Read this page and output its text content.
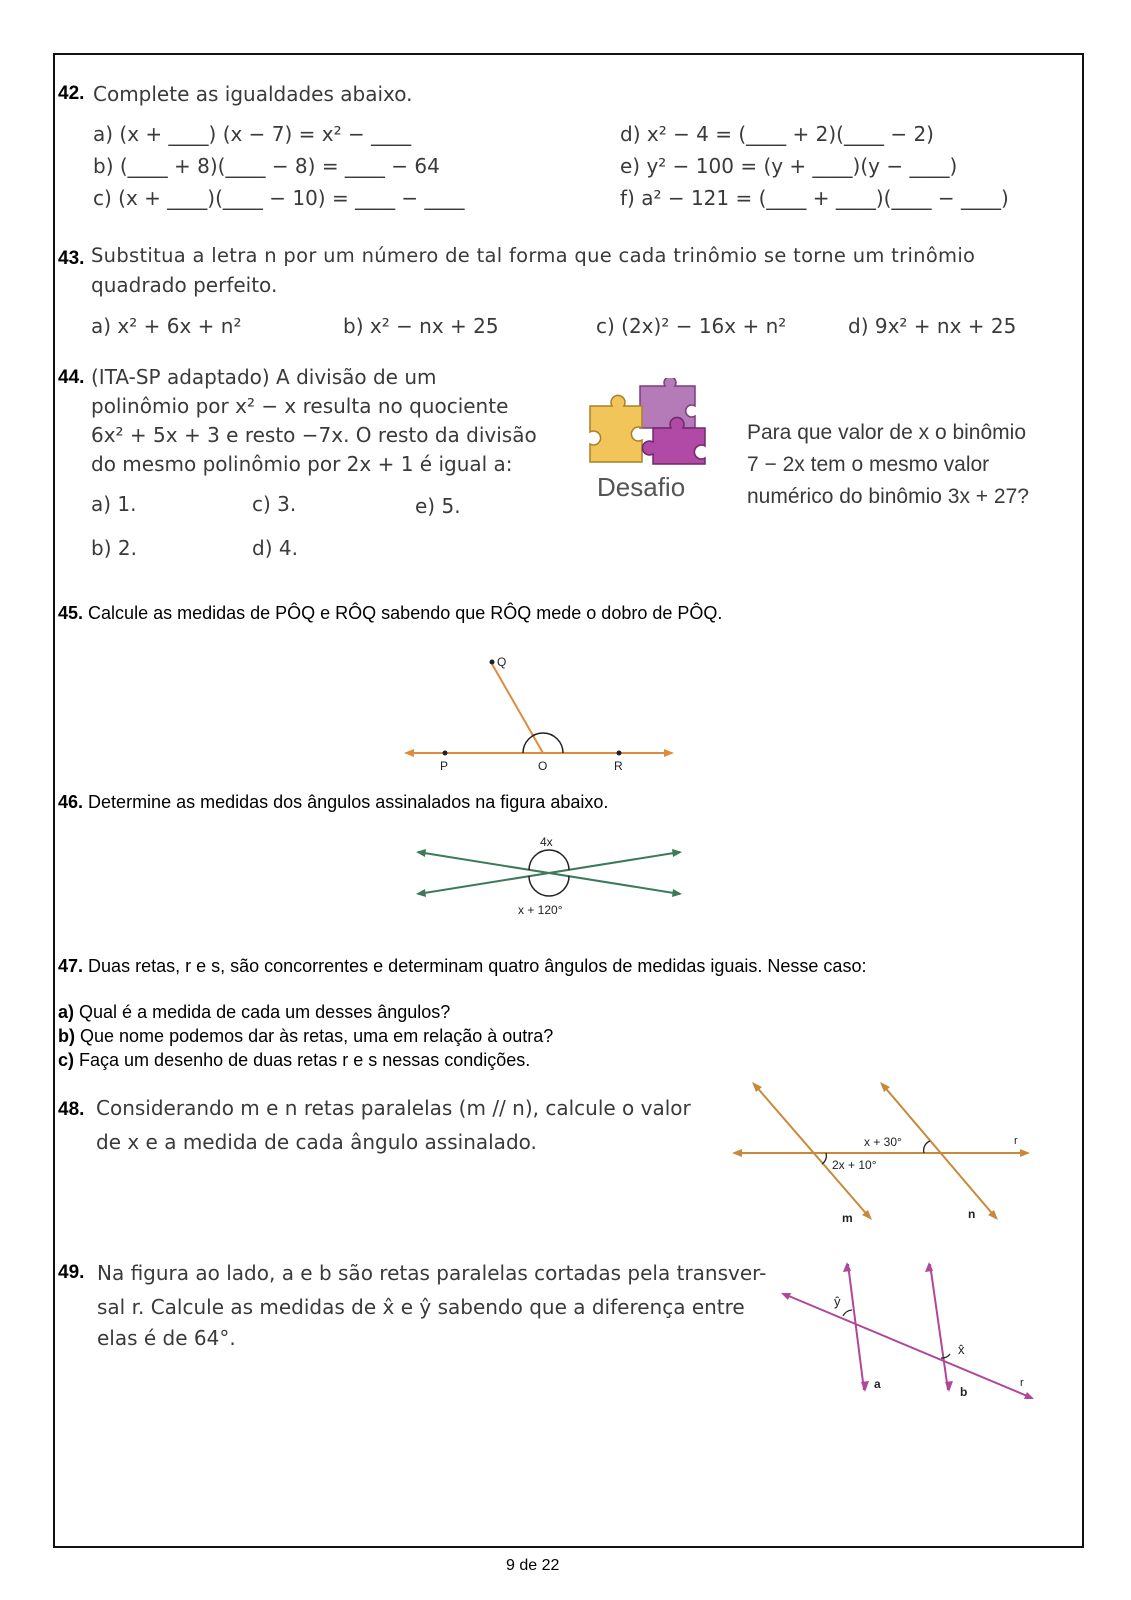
42. Complete as igualdades abaixo.
a) (x + ____) (x − 7) = x² − ____
b) (____ + 8)(____ − 8) = ____ − 64
c) (x + ____)(____ − 10) = ____ − ____
d) x² − 4 = (____ + 2)(____ − 2)
e) y² − 100 = (y + ____)(y − ____)
f) a² − 121 = (____ + ____)(____ − ____)
43. Substitua a letra n por um número de tal forma que cada trinômio se torne um trinômio
quadrado perfeito.
a) x² + 6x + n²	b) x² − nx + 25	c) (2x)² − 16x + n²	d) 9x² + nx + 25
44. (ITA-SP adaptado) A divisão de um
polinômio por x² − x resulta no quociente
6x² + 5x + 3 e resto −7x. O resto da divisão
do mesmo polinômio por 2x + 1 é igual a:
a) 1.	c) 3.	e) 5.
b) 2.	d) 4.
Desafio
Para que valor de x o binômio
7 − 2x tem o mesmo valor
numérico do binômio 3x + 27?
45. Calcule as medidas de PÔQ e RÔQ sabendo que RÔQ mede o dobro de PÔQ.
Q
P	O	R
46. Determine as medidas dos ângulos assinalados na figura abaixo.
4x
x + 120°
47. Duas retas, r e s, são concorrentes e determinam quatro ângulos de medidas iguais. Nesse caso:
a) Qual é a medida de cada um desses ângulos?
b) Que nome podemos dar às retas, uma em relação à outra?
c) Faça um desenho de duas retas r e s nessas condições.
48. Considerando m e n retas paralelas (m // n), calcule o valor
de x e a medida de cada ângulo assinalado.	x + 30°
2x + 10°
r
m	n
49. Na figura ao lado, a e b são retas paralelas cortadas pela transver-
sal r. Calcule as medidas de x̂ e ŷ sabendo que a diferença entre
elas é de 64°.
ŷ
x̂
a
b
r
9 de 22
